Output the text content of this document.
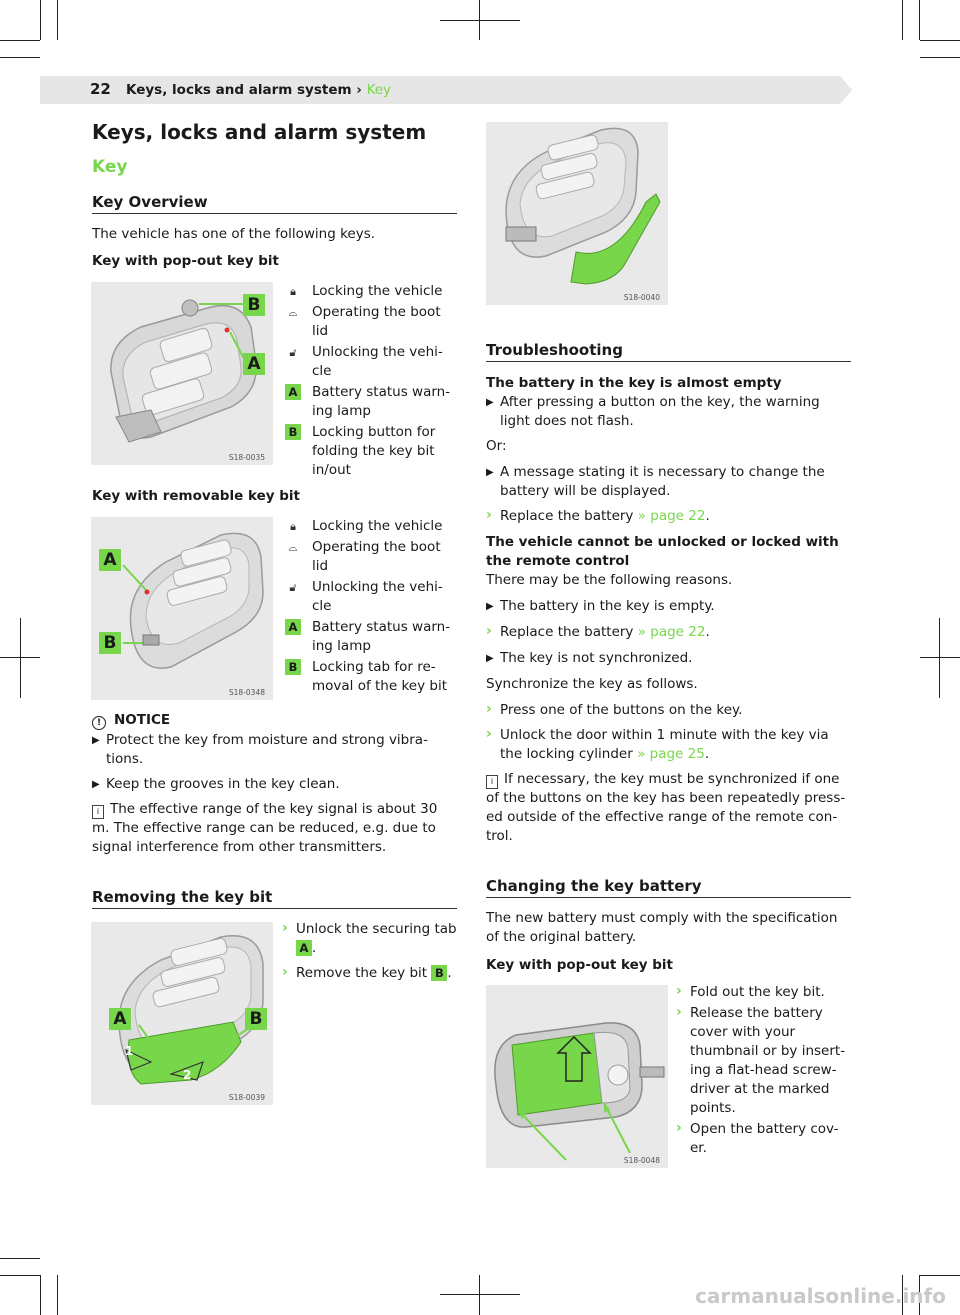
22 Keys, locks and alarm system › Key
Keys, locks and alarm system
Key
Key Overview
The vehicle has one of the following keys.
Key with pop-out key bit
B
A
S18-0035
🔒︎	Locking the vehicle
⌓	Operating the boot lid
🔓︎	Unlocking the vehi-cle
A Battery status warn-ing lamp
B Locking button for folding the key bit in/out
Key with removable key bit
A
B
S18-0348
🔒︎	Locking the vehicle
⌓	Operating the boot lid
🔓︎	Unlocking the vehi-cle
A Battery status warn-ing lamp
B Locking tab for re-moval of the key bit
! NOTICE
▶ Protect the key from moisture and strong vibra-tions.
▶ Keep the grooves in the key clean.
i The effective range of the key signal is about 30 m. The effective range can be reduced, e.g. due to signal interference from other transmitters.
Removing the key bit
A	B
1
2
S18-0039
› Unlock the securing tab A .
› Remove the key bit B .
S18-0040
Troubleshooting
The battery in the key is almost empty
▶ After pressing a button on the key, the warning light does not flash.
Or:
▶ A message stating it is necessary to change the battery will be displayed.
› Replace the battery » page 22.
The vehicle cannot be unlocked or locked with the remote control
There may be the following reasons.
▶ The battery in the key is empty.
› Replace the battery » page 22.
▶ The key is not synchronized.
Synchronize the key as follows.
› Press one of the buttons on the key.
› Unlock the door within 1 minute with the key via the locking cylinder » page 25.
i If necessary, the key must be synchronized if one of the buttons on the key has been repeatedly press-ed outside of the effective range of the remote con-trol.
Changing the key battery
The new battery must comply with the specification of the original battery.
Key with pop-out key bit
S18-0048
› Fold out the key bit.
› Release the battery cover with your thumbnail or by insert-ing a flat-head screw-driver at the marked points.
› Open the battery cov-er.
carmanualsonline.info
